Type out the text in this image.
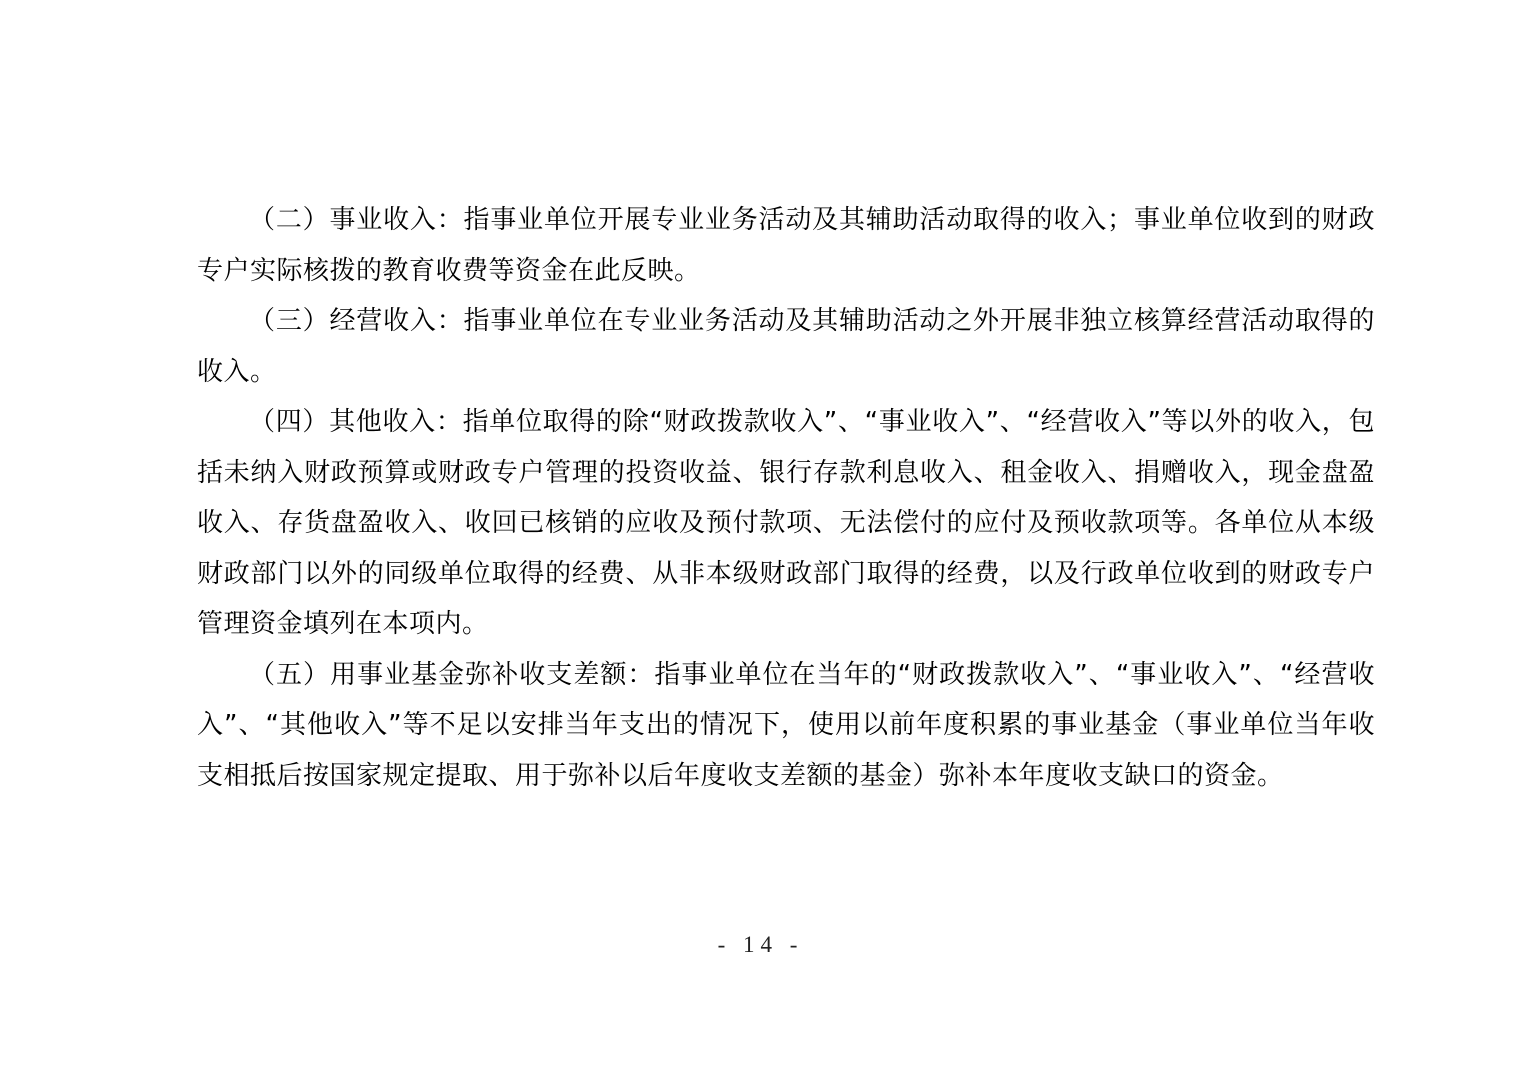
（二）事业收入：指事业单位开展专业业务活动及其辅助活动取得的收入；事业单位收到的财政专户实际核拨的教育收费等资金在此反映。

（三）经营收入：指事业单位在专业业务活动及其辅助活动之外开展非独立核算经营活动取得的收入。

（四）其他收入：指单位取得的除“财政拨款收入”、“事业收入”、“经营收入”等以外的收入，包括未纳入财政预算或财政专户管理的投资收益、银行存款利息收入、租金收入、捐赠收入，现金盘盈收入、存货盘盈收入、收回已核销的应收及预付款项、无法偿付的应付及预收款项等。各单位从本级财政部门以外的同级单位取得的经费、从非本级财政部门取得的经费，以及行政单位收到的财政专户管理资金填列在本项内。

（五）用事业基金弥补收支差额：指事业单位在当年的“财政拨款收入”、“事业收入”、“经营收入”、“其他收入”等不足以安排当年支出的情况下，使用以前年度积累的事业基金（事业单位当年收支相抵后按国家规定提取、用于弥补以后年度收支差额的基金）弥补本年度收支缺口的资金。

- 14 -
